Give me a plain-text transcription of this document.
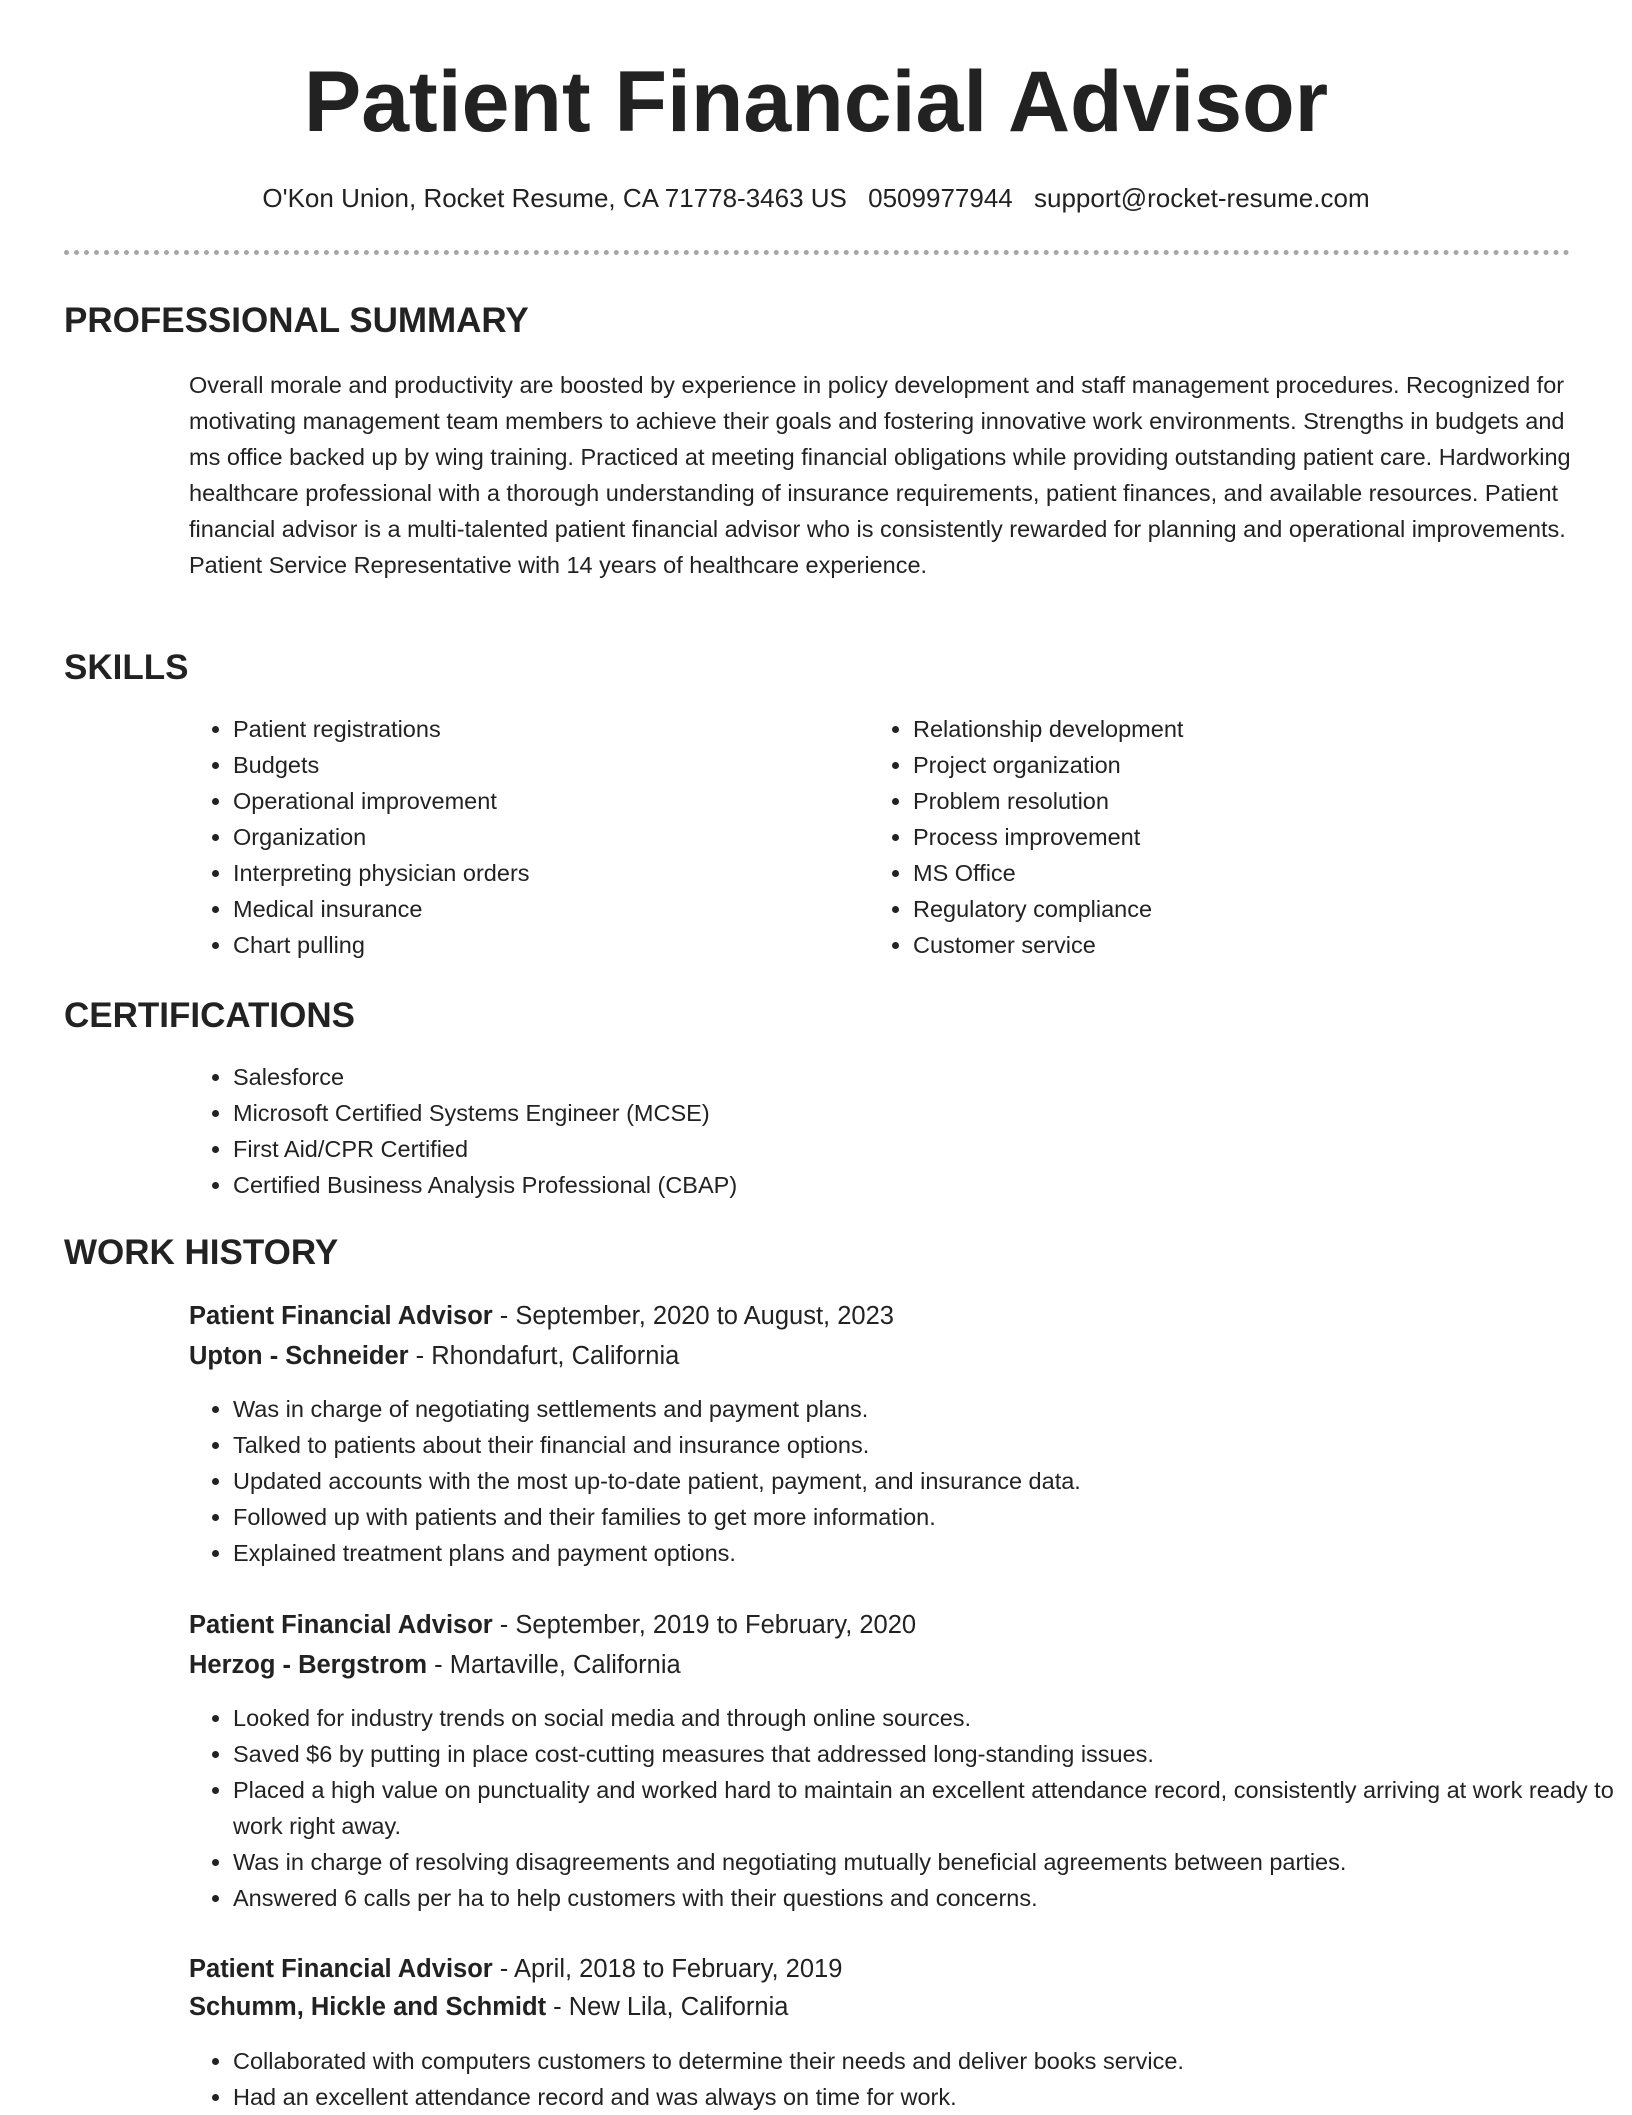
Patient Financial Advisor
O'Kon Union, Rocket Resume, CA 71778-3463 US 0509977944 support@rocket-resume.com
PROFESSIONAL SUMMARY

Overall morale and productivity are boosted by experience in policy development and staff management procedures. Recognized for motivating management team members to achieve their goals and fostering innovative work environments. Strengths in budgets and ms office backed up by wing training. Practiced at meeting financial obligations while providing outstanding patient care. Hardworking healthcare professional with a thorough understanding of insurance requirements, patient finances, and available resources. Patient financial advisor is a multi-talented patient financial advisor who is consistently rewarded for planning and operational improvements. Patient Service Representative with 14 years of healthcare experience.

SKILLS
• Patient registrations
• Budgets
• Operational improvement
• Organization
• Interpreting physician orders
• Medical insurance
• Chart pulling
• Relationship development
• Project organization
• Problem resolution
• Process improvement
• MS Office
• Regulatory compliance
• Customer service
CERTIFICATIONS
• Salesforce
• Microsoft Certified Systems Engineer (MCSE)
• First Aid/CPR Certified
• Certified Business Analysis Professional (CBAP)
WORK HISTORY
Patient Financial Advisor - September, 2020 to August, 2023
Upton - Schneider - Rhondafurt, California
• Was in charge of negotiating settlements and payment plans.
• Talked to patients about their financial and insurance options.
• Updated accounts with the most up-to-date patient, payment, and insurance data.
• Followed up with patients and their families to get more information.
• Explained treatment plans and payment options.
Patient Financial Advisor - September, 2019 to February, 2020
Herzog - Bergstrom - Martaville, California
• Looked for industry trends on social media and through online sources.
• Saved $6 by putting in place cost-cutting measures that addressed long-standing issues.
• Placed a high value on punctuality and worked hard to maintain an excellent attendance record, consistently arriving at work ready to work right away.
• Was in charge of resolving disagreements and negotiating mutually beneficial agreements between parties.
• Answered 6 calls per ha to help customers with their questions and concerns.
Patient Financial Advisor - April, 2018 to February, 2019
Schumm, Hickle and Schmidt - New Lila, California
• Collaborated with computers customers to determine their needs and deliver books service.
• Had an excellent attendance record and was always on time for work.
